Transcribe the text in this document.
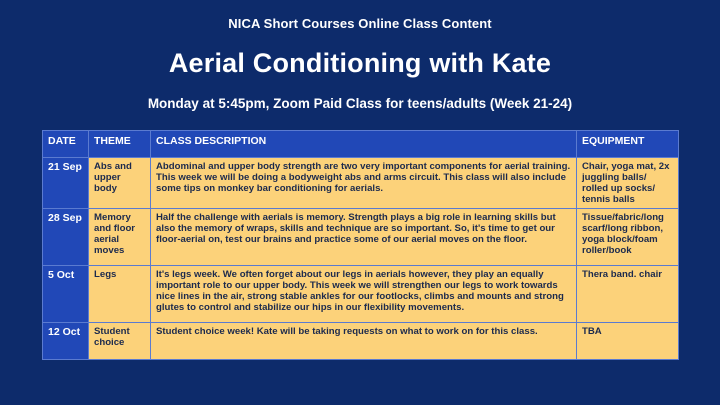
NICA Short Courses Online Class Content
Aerial Conditioning with Kate
Monday at 5:45pm, Zoom Paid Class for teens/adults (Week 21-24)
DATE	THEME	CLASS DESCRIPTION	EQUIPMENT
21 Sep	Abs and upper body	Abdominal and upper body strength are two very important components for aerial training. This week we will be doing a bodyweight abs and arms circuit. This class will also include some tips on monkey bar conditioning for aerials.	Chair, yoga mat, 2x juggling balls/ rolled up socks/ tennis balls
28 Sep	Memory and floor aerial moves	Half the challenge with aerials is memory. Strength plays a big role in learning skills but also the memory of wraps, skills and technique are so important. So, it's time to get our floor-aerial on, test our brains and practice some of our aerial moves on the floor.	Tissue/fabric/long scarf/long ribbon, yoga block/foam roller/book
5 Oct	Legs	It's legs week. We often forget about our legs in aerials however, they play an equally important role to our upper body. This week we will strengthen our legs to work towards nice lines in the air, strong stable ankles for our footlocks, climbs and mounts and strong glutes to control and stabilize our hips in our flexibility movements.	Thera band. chair
12 Oct	Student choice	Student choice week! Kate will be taking requests on what to work on for this class.	TBA
